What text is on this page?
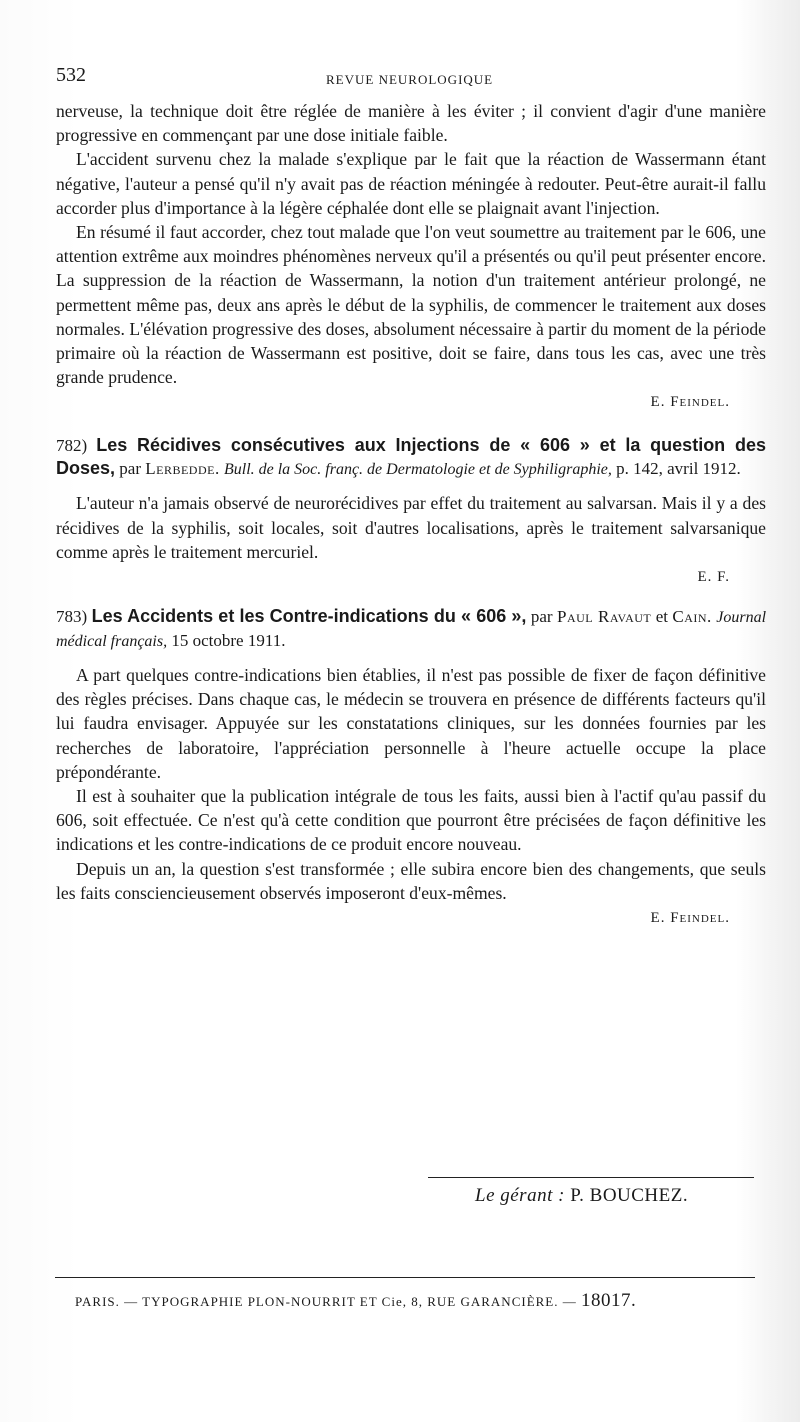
532	REVUE NEUROLOGIQUE

nerveuse, la technique doit être réglée de manière à les éviter ; il convient d'agir d'une manière progressive en commençant par une dose initiale faible.

L'accident survenu chez la malade s'explique par le fait que la réaction de Wassermann étant négative, l'auteur a pensé qu'il n'y avait pas de réaction méningée à redouter. Peut-être aurait-il fallu accorder plus d'importance à la légère céphalée dont elle se plaignait avant l'injection.

En résumé il faut accorder, chez tout malade que l'on veut soumettre au traitement par le 606, une attention extrême aux moindres phénomènes nerveux qu'il a présentés ou qu'il peut présenter encore. La suppression de la réaction de Wassermann, la notion d'un traitement antérieur prolongé, ne permettent même pas, deux ans après le début de la syphilis, de commencer le traitement aux doses normales. L'élévation progressive des doses, absolument nécessaire à partir du moment de la période primaire où la réaction de Wassermann est positive, doit se faire, dans tous les cas, avec une très grande prudence.

E. Feindel.

782) Les Récidives consécutives aux Injections de « 606 » et la question des Doses, par Lerbedde. Bull. de la Soc. franç. de Dermatologie et de Syphiligraphie, p. 142, avril 1912.

L'auteur n'a jamais observé de neurorécidives par effet du traitement au salvarsan. Mais il y a des récidives de la syphilis, soit locales, soit d'autres localisations, après le traitement salvarsanique comme après le traitement mercuriel.

E. F.

783) Les Accidents et les Contre-indications du « 606 », par Paul Ravaut et Cain. Journal médical français, 15 octobre 1911.

A part quelques contre-indications bien établies, il n'est pas possible de fixer de façon définitive des règles précises. Dans chaque cas, le médecin se trouvera en présence de différents facteurs qu'il lui faudra envisager. Appuyée sur les constatations cliniques, sur les données fournies par les recherches de laboratoire, l'appréciation personnelle à l'heure actuelle occupe la place prépondérante.

Il est à souhaiter que la publication intégrale de tous les faits, aussi bien à l'actif qu'au passif du 606, soit effectuée. Ce n'est qu'à cette condition que pourront être précisées de façon définitive les indications et les contre-indications de ce produit encore nouveau.

Depuis un an, la question s'est transformée ; elle subira encore bien des changements, que seuls les faits consciencieusement observés imposeront d'eux-mêmes.

E. Feindel.
Le gérant : P. BOUCHEZ.
PARIS. — TYPOGRAPHIE PLON-NOURRIT ET Cie, 8, RUE GARANCIÈRE. — 18017.
